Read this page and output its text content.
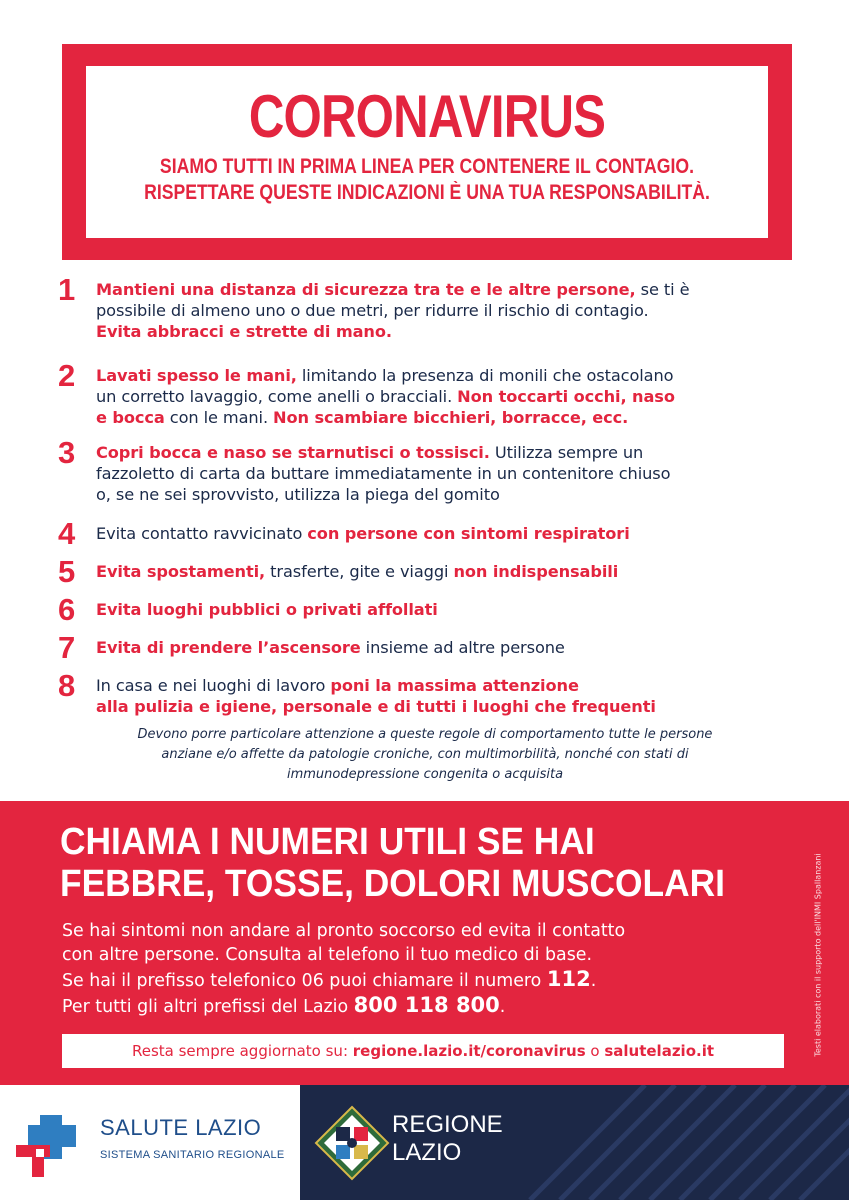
CORONAVIRUS
SIAMO TUTTI IN PRIMA LINEA PER CONTENERE IL CONTAGIO.
RISPETTARE QUESTE INDICAZIONI È UNA TUA RESPONSABILITÀ.
1	Mantieni una distanza di sicurezza tra te e le altre persone, se ti è
possibile di almeno uno o due metri, per ridurre il rischio di contagio.
Evita abbracci e strette di mano.
2	Lavati spesso le mani, limitando la presenza di monili che ostacolano
un corretto lavaggio, come anelli o bracciali. Non toccarti occhi, naso
e bocca con le mani. Non scambiare bicchieri, borracce, ecc.
3	Copri bocca e naso se starnutisci o tossisci. Utilizza sempre un
fazzoletto di carta da buttare immediatamente in un contenitore chiuso
o, se ne sei sprovvisto, utilizza la piega del gomito
4	Evita contatto ravvicinato con persone con sintomi respiratori
5	Evita spostamenti, trasferte, gite e viaggi non indispensabili
6	Evita luoghi pubblici o privati affollati
7	Evita di prendere l’ascensore insieme ad altre persone
8	In casa e nei luoghi di lavoro poni la massima attenzione
alla pulizia e igiene, personale e di tutti i luoghi che frequenti
Devono porre particolare attenzione a queste regole di comportamento tutte le persone
anziane e/o affette da patologie croniche, con multimorbilità, nonché con stati di
immunodepressione congenita o acquisita
CHIAMA I NUMERI UTILI SE HAI
FEBBRE, TOSSE, DOLORI MUSCOLARI
Se hai sintomi non andare al pronto soccorso ed evita il contatto
con altre persone. Consulta al telefono il tuo medico di base.
Se hai il prefisso telefonico 06 puoi chiamare il numero 112.
Per tutti gli altri prefissi del Lazio 800 118 800.
Resta sempre aggiornato su: regione.lazio.it/coronavirus o salutelazio.it	Testi elaborati con il supporto dell'INMI Spallanzani
SALUTE LAZIO
SISTEMA SANITARIO REGIONALE
REGIONE
LAZIO
